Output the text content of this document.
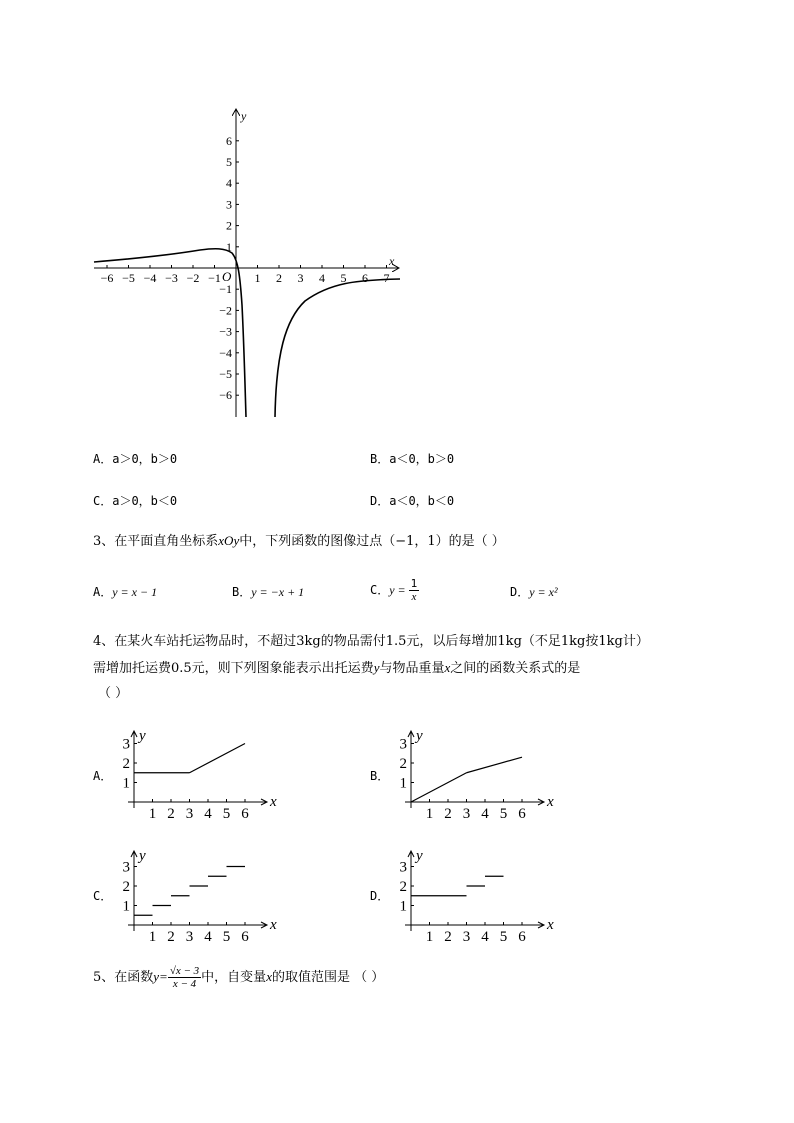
x
y
O
−6 −5 −4 −3 −2 −1	1 2 3 4 5 6 7
6
5
4
3
2
1
−1
−2
−3
−4
−5
−6
A．a＞0，b＞0	B．a＜0，b＞0
C．a＞0，b＜0	D．a＜0，b＜0
3、在平面直角坐标系xOy中，下列函数的图像过点（−1，1）的是（ ）
A．y = x − 1	B．y = −x + 1	C．$y = \frac{1}{x}$	D．y = x²
4、在某火车站托运物品时，不超过3kg的物品需付1.5元，以后每增加1kg（不足1kg按1kg计）
需增加托运费0.5元，则下列图象能表示出托运费y与物品重量x之间的函数关系式的是
（ ）
A．	B．
C．	D．
x
y
1 2 3 4 5 6
1
2
3
x
y
1 2 3 4 5 6
1
2
3
x
y
1 2 3 4 5 6
1
2
3
x
y
1 2 3 4 5 6
1
2
3
5、在函数$y= \frac{√x - 3}{x - 4}$ 中，自变量x的取值范围是 （ ）
